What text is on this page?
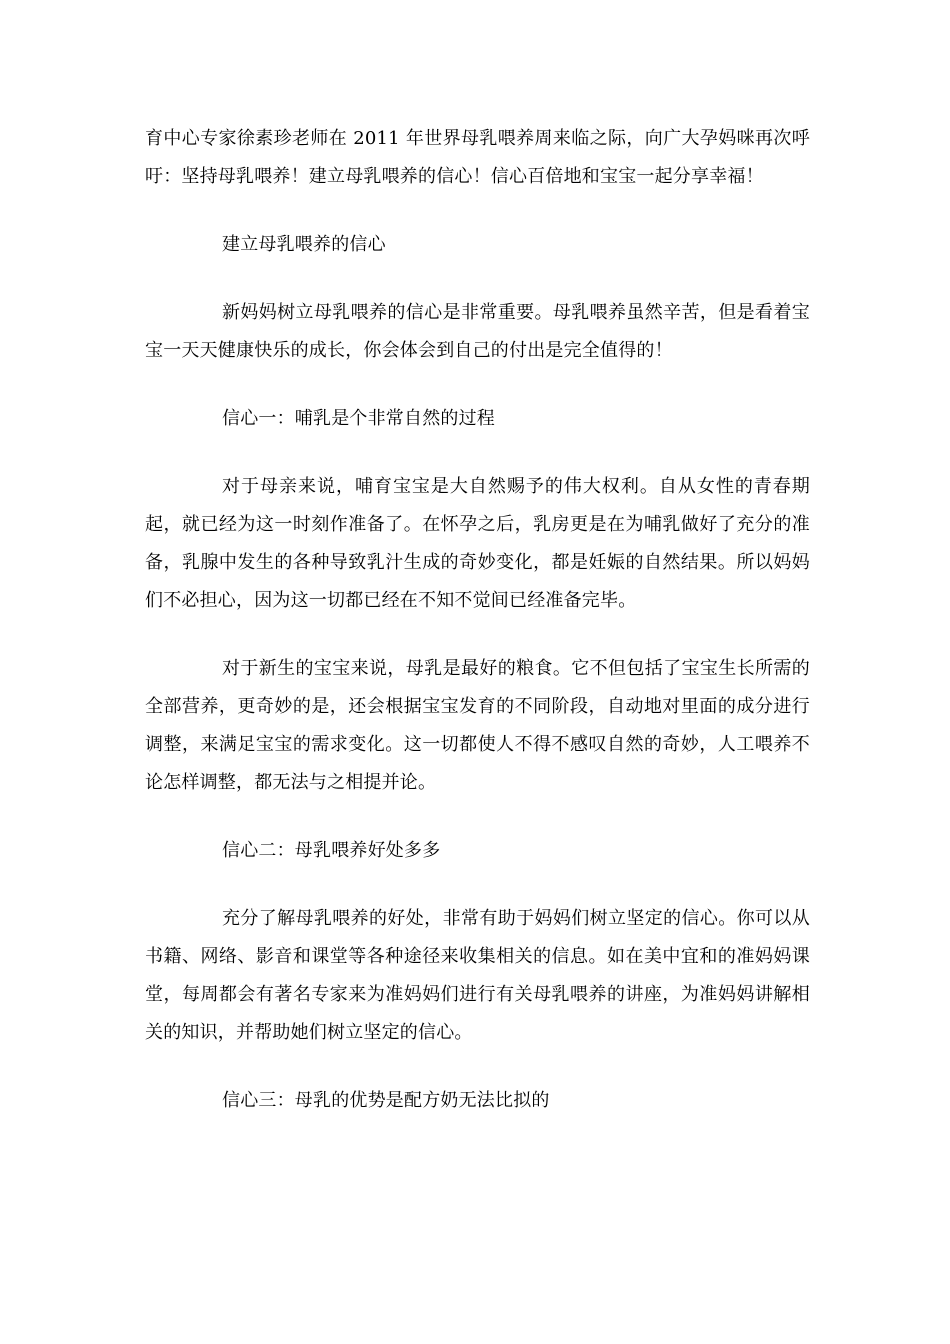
育中心专家徐素珍老师在 2011 年世界母乳喂养周来临之际，向广大孕妈咪再次呼吁：坚持母乳喂养！建立母乳喂养的信心！信心百倍地和宝宝一起分享幸福！

建立母乳喂养的信心

新妈妈树立母乳喂养的信心是非常重要。母乳喂养虽然辛苦，但是看着宝宝一天天健康快乐的成长，你会体会到自己的付出是完全值得的！

信心一：哺乳是个非常自然的过程

对于母亲来说，哺育宝宝是大自然赐予的伟大权利。自从女性的青春期起，就已经为这一时刻作准备了。在怀孕之后，乳房更是在为哺乳做好了充分的准备，乳腺中发生的各种导致乳汁生成的奇妙变化，都是妊娠的自然结果。所以妈妈们不必担心，因为这一切都已经在不知不觉间已经准备完毕。

对于新生的宝宝来说，母乳是最好的粮食。它不但包括了宝宝生长所需的全部营养，更奇妙的是，还会根据宝宝发育的不同阶段，自动地对里面的成分进行调整，来满足宝宝的需求变化。这一切都使人不得不感叹自然的奇妙，人工喂养不论怎样调整，都无法与之相提并论。

信心二：母乳喂养好处多多

充分了解母乳喂养的好处，非常有助于妈妈们树立坚定的信心。你可以从书籍、网络、影音和课堂等各种途径来收集相关的信息。如在美中宜和的准妈妈课堂，每周都会有著名专家来为准妈妈们进行有关母乳喂养的讲座，为准妈妈讲解相关的知识，并帮助她们树立坚定的信心。

信心三：母乳的优势是配方奶无法比拟的
